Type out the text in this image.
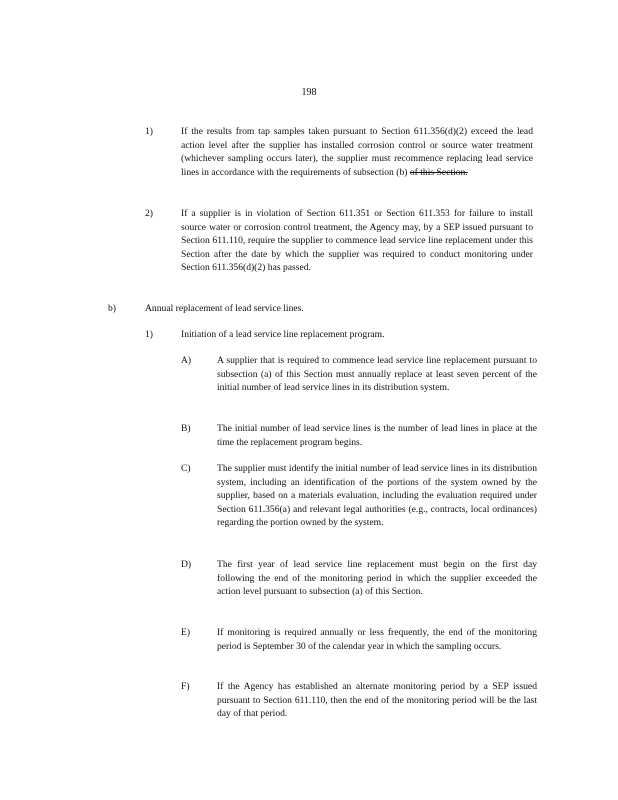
198
1)	If the results from tap samples taken pursuant to Section 611.356(d)(2) exceed the lead action level after the supplier has installed corrosion control or source water treatment (whichever sampling occurs later), the supplier must recommence replacing lead service lines in accordance with the requirements of subsection (b) of this Section.
2)	If a supplier is in violation of Section 611.351 or Section 611.353 for failure to install source water or corrosion control treatment, the Agency may, by a SEP issued pursuant to Section 611.110, require the supplier to commence lead service line replacement under this Section after the date by which the supplier was required to conduct monitoring under Section 611.356(d)(2) has passed.
b)	Annual replacement of lead service lines.
1)	Initiation of a lead service line replacement program.
A)	A supplier that is required to commence lead service line replacement pursuant to subsection (a) of this Section must annually replace at least seven percent of the initial number of lead service lines in its distribution system.
B)	The initial number of lead service lines is the number of lead lines in place at the time the replacement program begins.
C)	The supplier must identify the initial number of lead service lines in its distribution system, including an identification of the portions of the system owned by the supplier, based on a materials evaluation, including the evaluation required under Section 611.356(a) and relevant legal authorities (e.g., contracts, local ordinances) regarding the portion owned by the system.
D)	The first year of lead service line replacement must begin on the first day following the end of the monitoring period in which the supplier exceeded the action level pursuant to subsection (a) of this Section.
E)	If monitoring is required annually or less frequently, the end of the monitoring period is September 30 of the calendar year in which the sampling occurs.
F)	If the Agency has established an alternate monitoring period by a SEP issued pursuant to Section 611.110, then the end of the monitoring period will be the last day of that period.
